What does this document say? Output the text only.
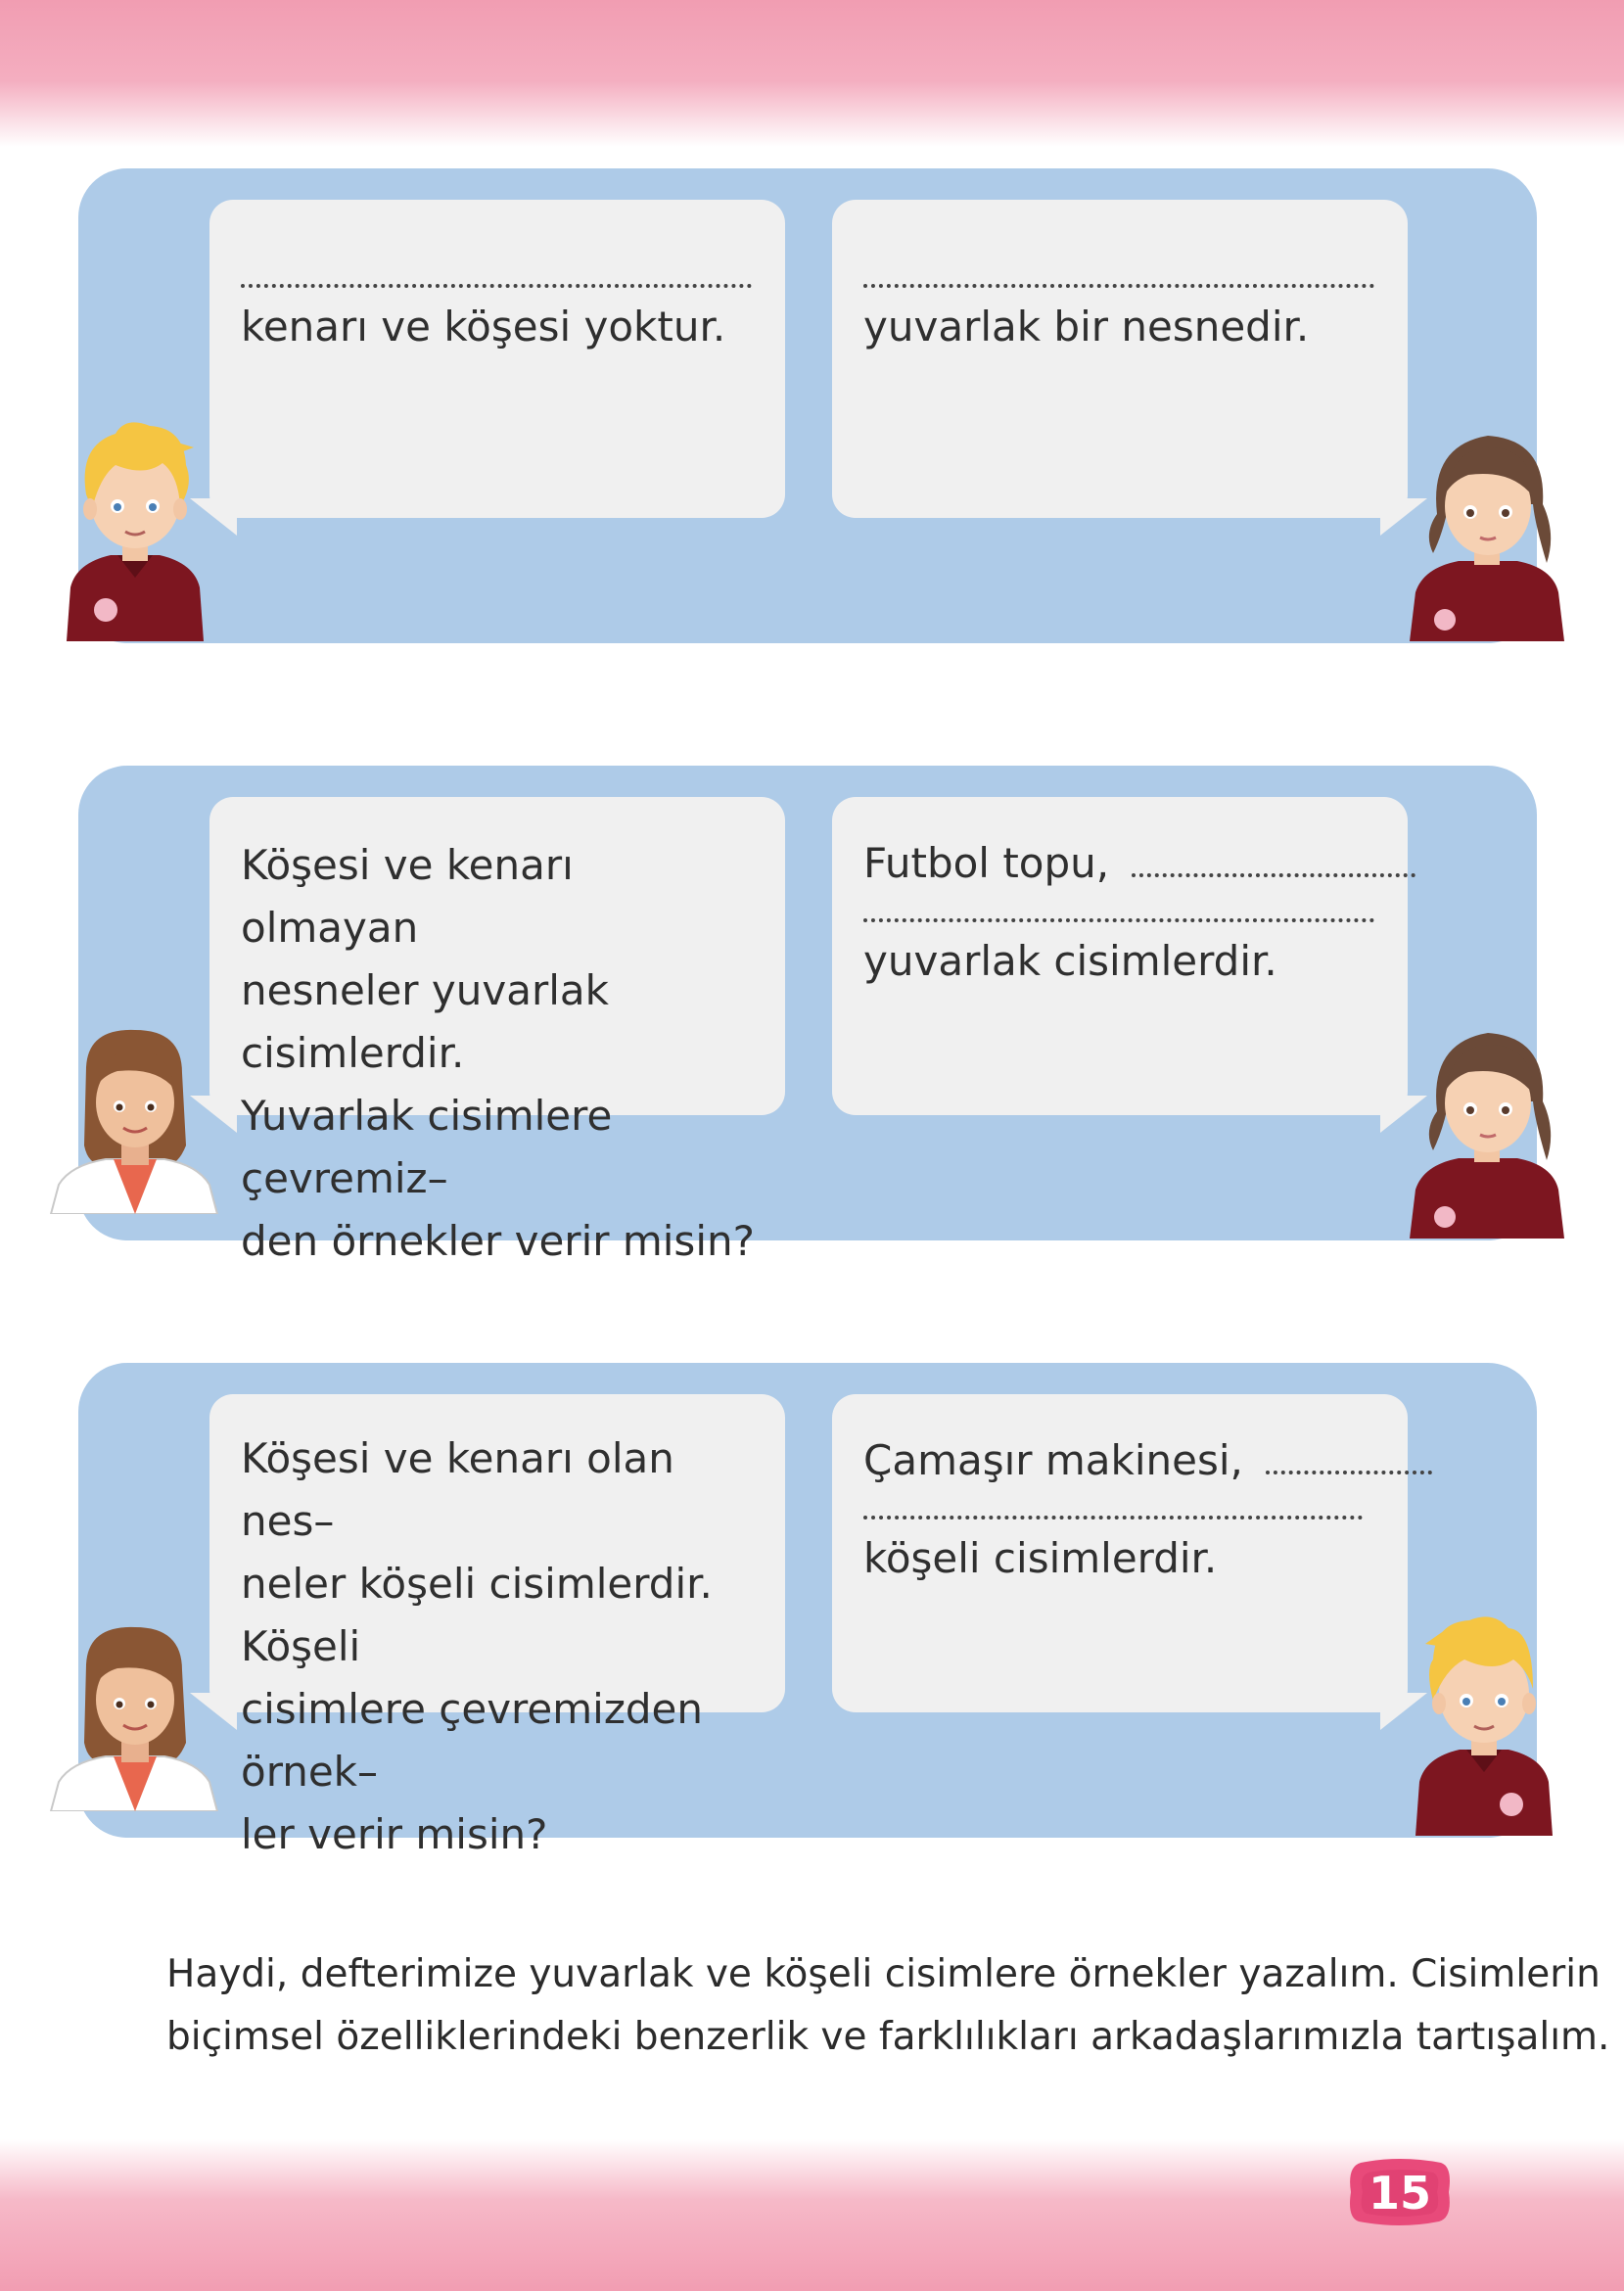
kenarı ve köşesi yoktur.	yuvarlak bir nesnedir.
Köşesi ve kenarı olmayan
nesneler yuvarlak cisimlerdir.
Yuvarlak cisimlere çevremiz–
den örnekler verir misin?
Futbol topu,
yuvarlak cisimlerdir.
Köşesi ve kenarı olan nes–
neler köşeli cisimlerdir. Köşeli
cisimlere çevremizden örnek–
ler verir misin?
Çamaşır makinesi,
köşeli cisimlerdir.
Haydi, defterimize yuvarlak ve köşeli cisimlere örnekler yazalım. Cisimlerin
biçimsel özelliklerindeki benzerlik ve farklılıkları arkadaşlarımızla tartışalım.
15
